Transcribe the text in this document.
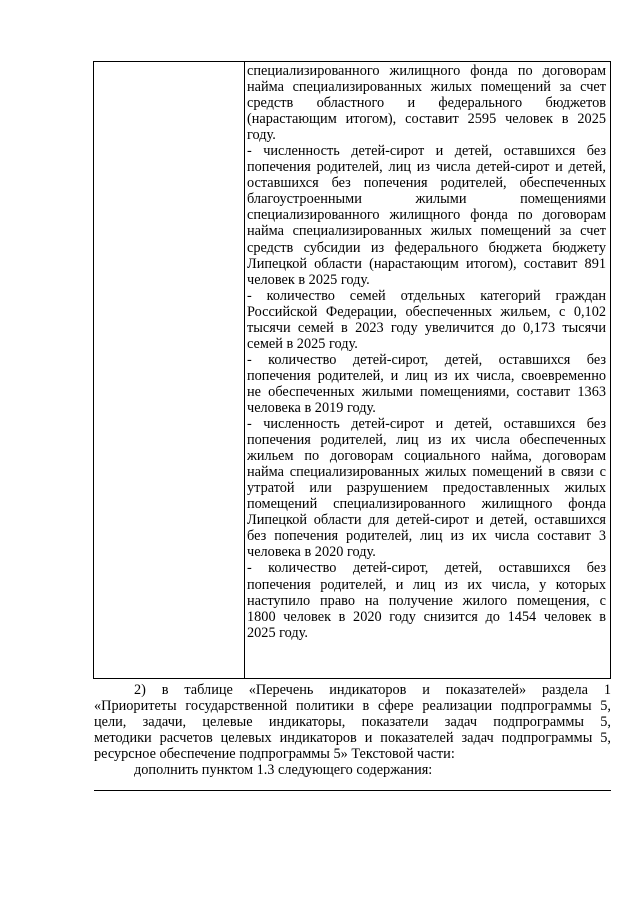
специализированного жилищного фонда по договорам
найма специализированных жилых помещений за счет
средств областного и федерального бюджетов
(нарастающим итогом), составит 2595 человек в 2025
году.
- численность детей-сирот и детей, оставшихся без
попечения родителей, лиц из числа детей-сирот и детей,
оставшихся без попечения родителей, обеспеченных
благоустроенными жилыми помещениями
специализированного жилищного фонда по договорам
найма специализированных жилых помещений за счет
средств субсидии из федерального бюджета бюджету
Липецкой области (нарастающим итогом), составит 891
человек в 2025 году.
- количество семей отдельных категорий граждан
Российской Федерации, обеспеченных жильем, с 0,102
тысячи семей в 2023 году увеличится до 0,173 тысячи
семей в 2025 году.
- количество детей-сирот, детей, оставшихся без
попечения родителей, и лиц из их числа, своевременно
не обеспеченных жилыми помещениями, составит 1363
человека в 2019 году.
- численность детей-сирот и детей, оставшихся без
попечения родителей, лиц из их числа обеспеченных
жильем по договорам социального найма, договорам
найма специализированных жилых помещений в связи с
утратой или разрушением предоставленных жилых
помещений специализированного жилищного фонда
Липецкой области для детей-сирот и детей, оставшихся
без попечения родителей, лиц из их числа составит 3
человека в 2020 году.
- количество детей-сирот, детей, оставшихся без
попечения родителей, и лиц из их числа, у которых
наступило право на получение жилого помещения, с
1800 человек в 2020 году снизится до 1454 человек в
2025 году.
2) в таблице «Перечень индикаторов и показателей» раздела 1
«Приоритеты государственной политики в сфере реализации подпрограммы 5,
цели, задачи, целевые индикаторы, показатели задач подпрограммы 5,
методики расчетов целевых индикаторов и показателей задач подпрограммы 5,
ресурсное обеспечение подпрограммы 5» Текстовой части:
дополнить пунктом 1.3 следующего содержания:
